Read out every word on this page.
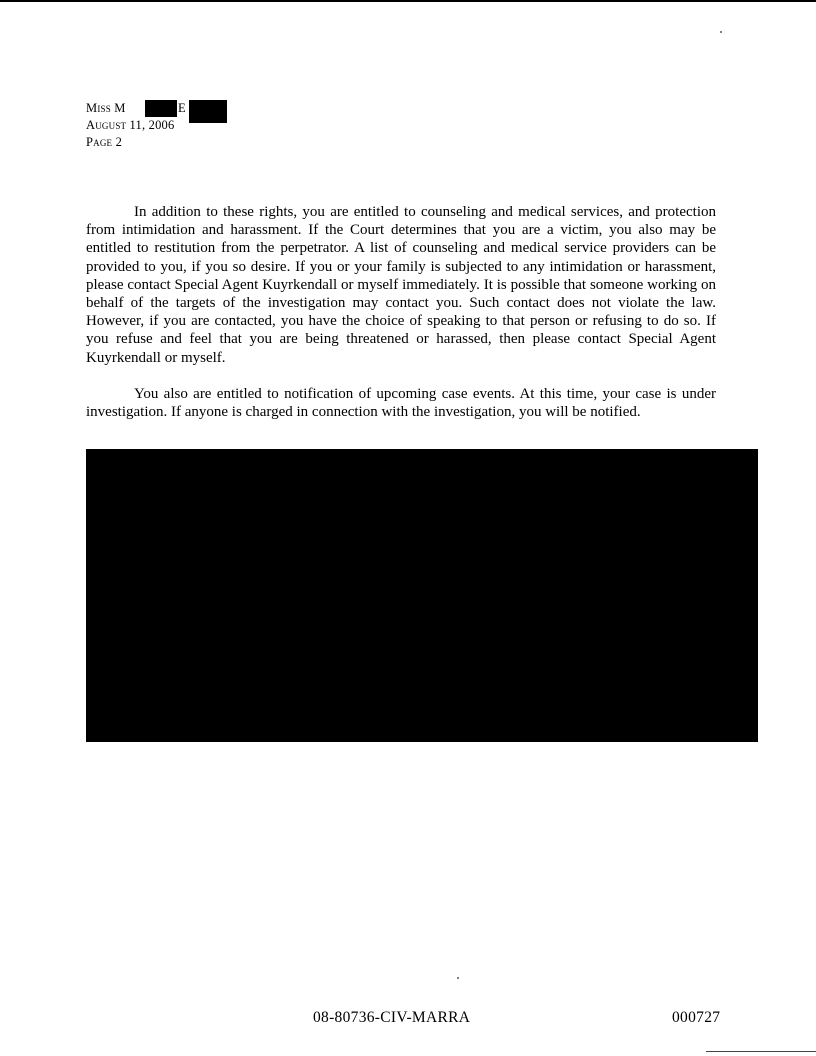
Miss M	E
August 11, 2006
Page 2

In addition to these rights, you are entitled to counseling and medical services, and protection from intimidation and harassment. If the Court determines that you are a victim, you also may be entitled to restitution from the perpetrator. A list of counseling and medical service providers can be provided to you, if you so desire. If you or your family is subjected to any intimidation or harassment, please contact Special Agent Kuyrkendall or myself immediately. It is possible that someone working on behalf of the targets of the investigation may contact you. Such contact does not violate the law. However, if you are contacted, you have the choice of speaking to that person or refusing to do so. If you refuse and feel that you are being threatened or harassed, then please contact Special Agent Kuyrkendall or myself.

You also are entitled to notification of upcoming case events. At this time, your case is under investigation. If anyone is charged in connection with the investigation, you will be notified.

08-80736-CIV-MARRA	000727
